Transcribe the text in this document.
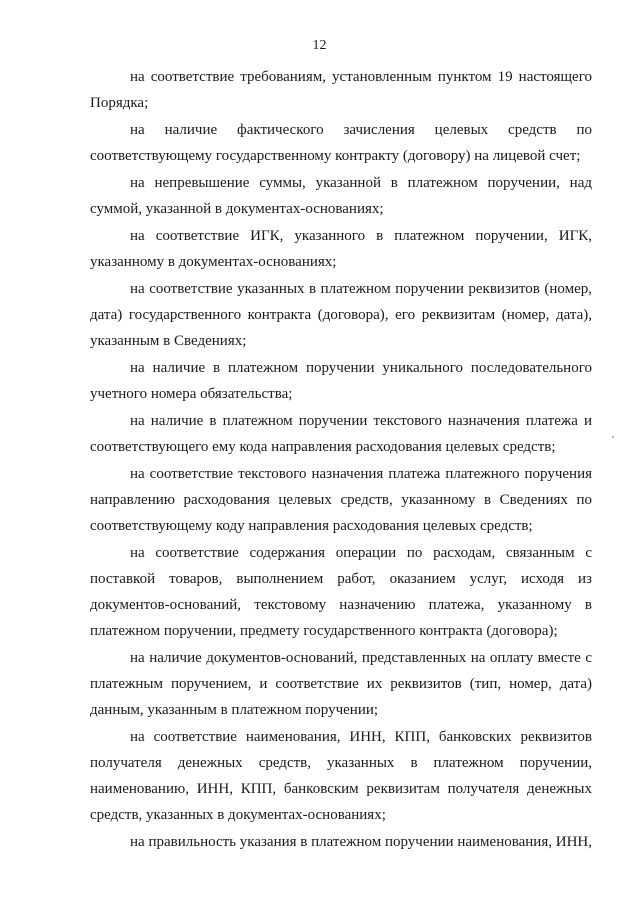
12
на соответствие требованиям, установленным пунктом 19 настоящего
Порядка;
на наличие фактического зачисления целевых средств по
соответствующему государственному контракту (договору) на лицевой счет;
на непревышение суммы, указанной в платежном поручении, над
суммой, указанной в документах-основаниях;
на соответствие ИГК, указанного в платежном поручении, ИГК,
указанному в документах-основаниях;
на соответствие указанных в платежном поручении реквизитов (номер,
дата) государственного контракта (договора), его реквизитам (номер, дата),
указанным в Сведениях;
на наличие в платежном поручении уникального последовательного
учетного номера обязательства;
на наличие в платежном поручении текстового назначения платежа и
соответствующего ему кода направления расходования целевых средств;
на соответствие текстового назначения платежа платежного поручения
направлению расходования целевых средств, указанному в Сведениях по
соответствующему коду направления расходования целевых средств;
на соответствие содержания операции по расходам, связанным с
поставкой товаров, выполнением работ, оказанием услуг, исходя из
документов-оснований, текстовому назначению платежа, указанному в
платежном поручении, предмету государственного контракта (договора);
на наличие документов-оснований, представленных на оплату вместе с
платежным поручением, и соответствие их реквизитов (тип, номер, дата)
данным, указанным в платежном поручении;
на соответствие наименования, ИНН, КПП, банковских реквизитов
получателя денежных средств, указанных в платежном поручении,
наименованию, ИНН, КПП, банковским реквизитам получателя денежных
средств, указанных в документах-основаниях;
на правильность указания в платежном поручении наименования, ИНН,
